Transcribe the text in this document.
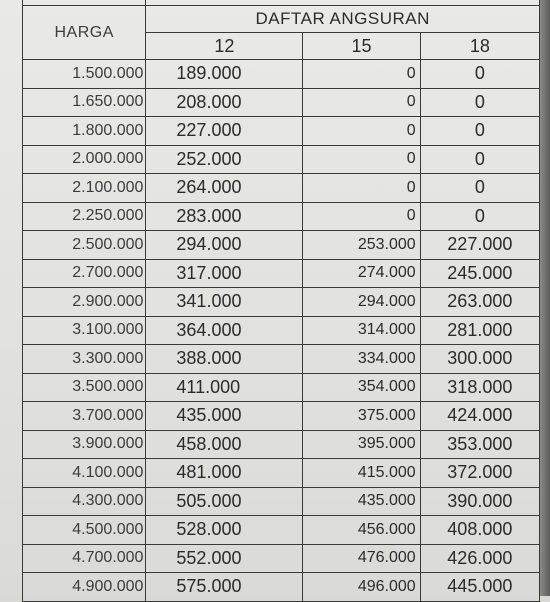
HARGA	DAFTAR ANGSURAN		
	12	15	18
1.500.000	189.000	0	0
1.650.000	208.000	0	0
1.800.000	227.000	0	0
2.000.000	252.000	0	0
2.100.000	264.000	0	0
2.250.000	283.000	0	0
2.500.000	294.000	253.000	227.000
2.700.000	317.000	274.000	245.000
2.900.000	341.000	294.000	263.000
3.100.000	364.000	314.000	281.000
3.300.000	388.000	334.000	300.000
3.500.000	411.000	354.000	318.000
3.700.000	435.000	375.000	424.000
3.900.000	458.000	395.000	353.000
4.100.000	481.000	415.000	372.000
4.300.000	505.000	435.000	390.000
4.500.000	528.000	456.000	408.000
4.700.000	552.000	476.000	426.000
4.900.000	575.000	496.000	445.000
